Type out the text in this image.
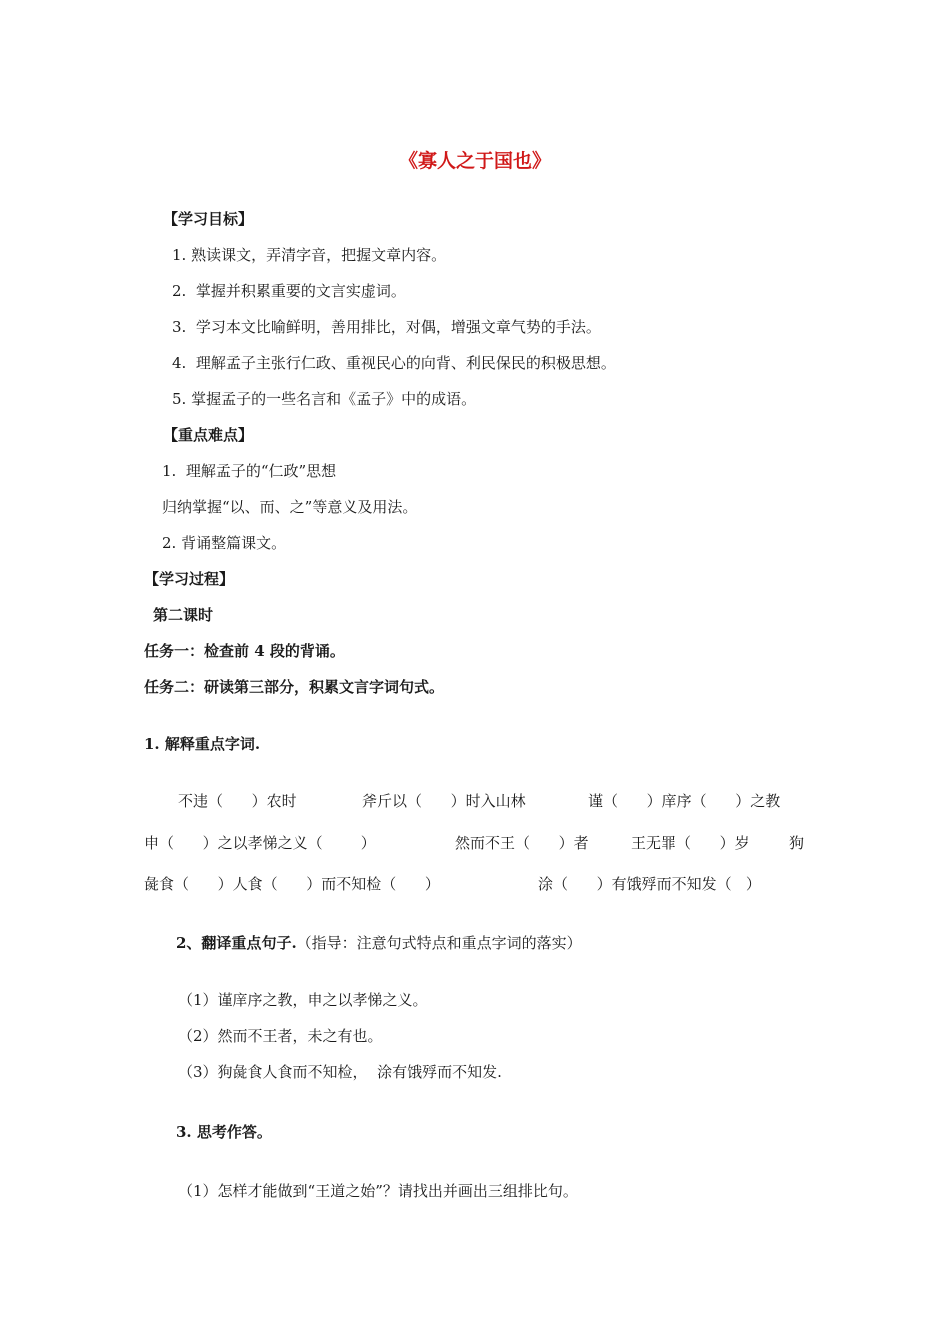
《寡人之于国也》
【学习目标】
1. 熟读课文，弄清字音，把握文章内容。
2.  掌握并积累重要的文言实虚词。
3.  学习本文比喻鲜明，善用排比，对偶，增强文章气势的手法。
4.  理解孟子主张行仁政、重视民心的向背、利民保民的积极思想。
5. 掌握孟子的一些名言和《孟子》中的成语。
【重点难点】
1.  理解孟子的“仁政”思想
归纳掌握“以、而、之”等意义及用法。
2. 背诵整篇课文。
【学习过程】
第二课时
任务一：检查前 4 段的背诵。
任务二：研读第三部分，积累文言字词句式。
1. 解释重点字词.
不违（      ）农时	斧斤以（      ）时入山林	谨（      ）庠序（      ）之教
申（      ）之以孝悌之义（        ）	然而不王（      ）者	王无罪（      ）岁	狗
彘食（      ）人食（      ）而不知检（      ）	涂（      ）有饿殍而不知发（   ）
2、翻译重点句子.（指导：注意句式特点和重点字词的落实）
（1）谨庠序之教，申之以孝悌之义。
（2）然而不王者，未之有也。
（3）狗彘食人食而不知检，  涂有饿殍而不知发.
3. 思考作答。
（1）怎样才能做到“王道之始”？请找出并画出三组排比句。
